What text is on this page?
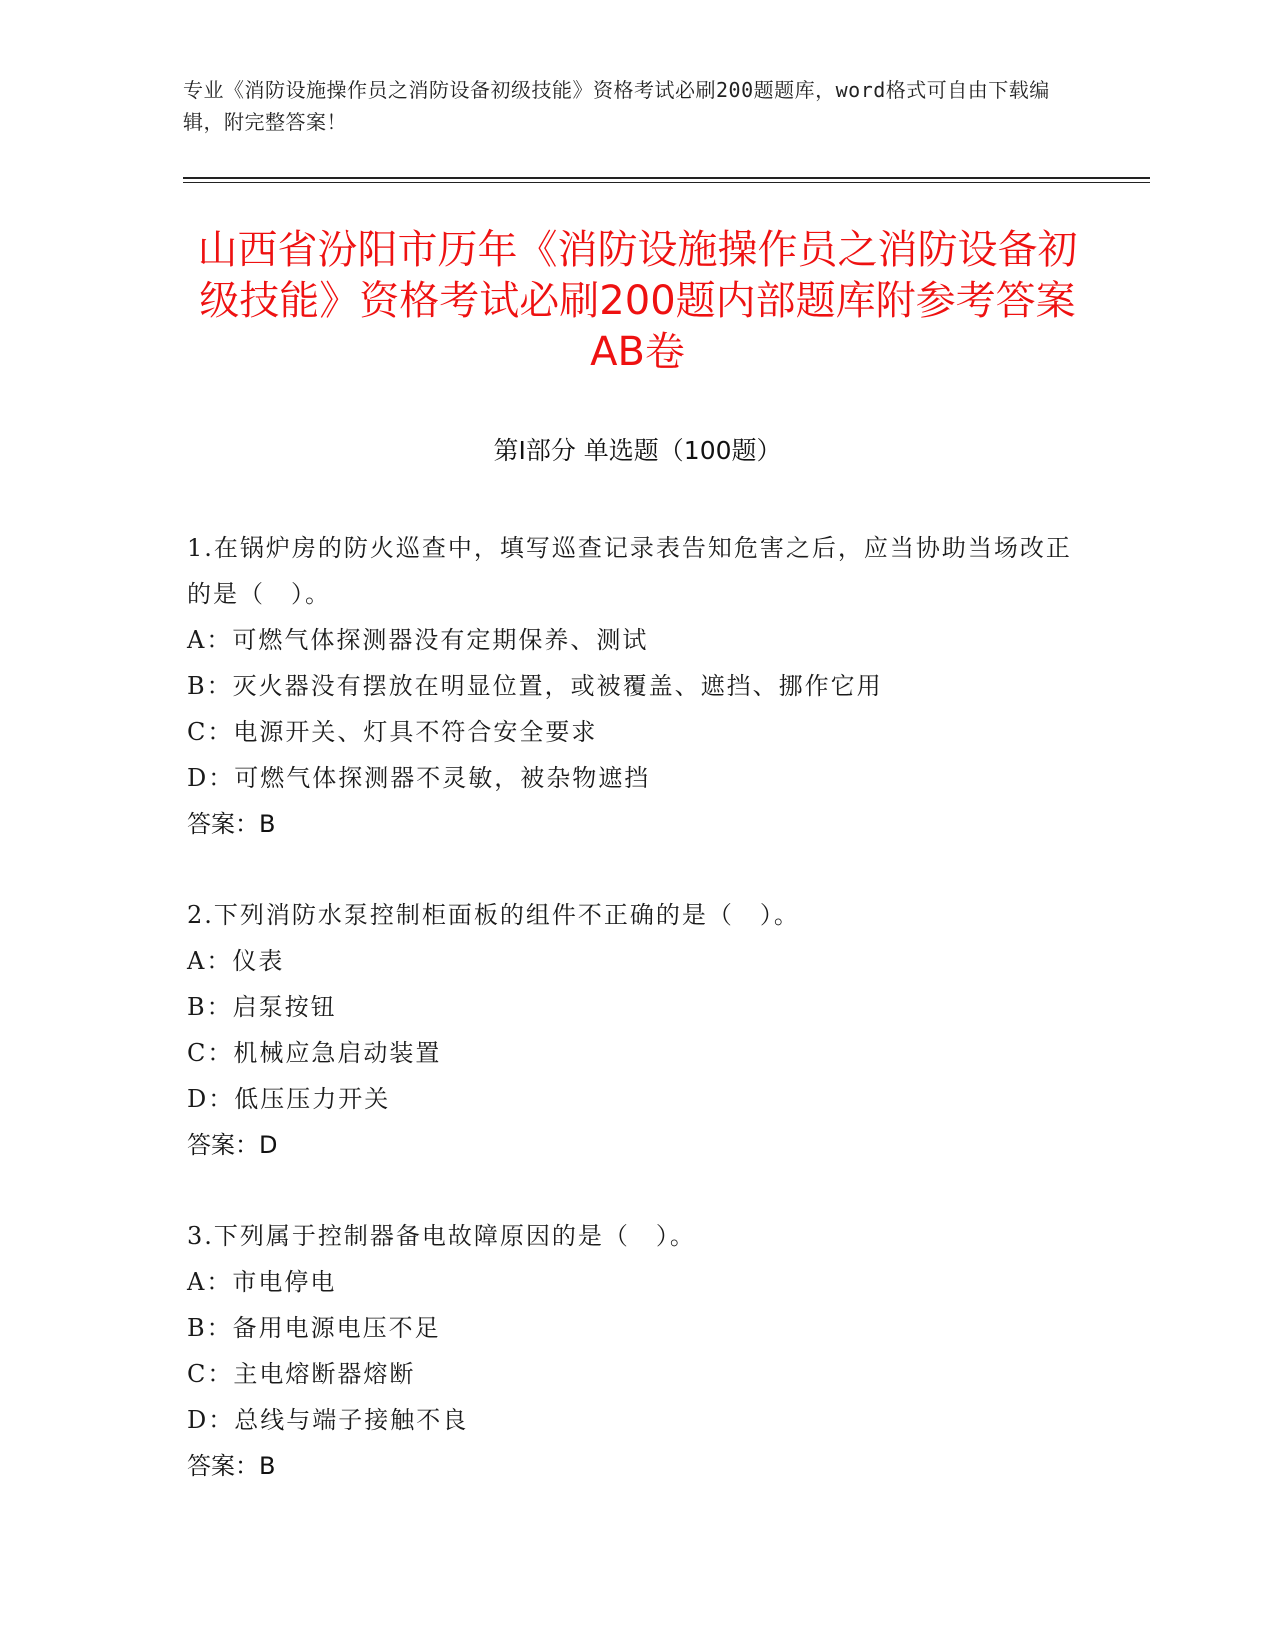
专业《消防设施操作员之消防设备初级技能》资格考试必刷200题题库，word格式可自由下载编辑，附完整答案！
山西省汾阳市历年《消防设施操作员之消防设备初级技能》资格考试必刷200题内部题库附参考答案AB卷
第Ⅰ部分 单选题（100题）
1.在锅炉房的防火巡查中，填写巡查记录表告知危害之后，应当协助当场改正的是（　）。
A：可燃气体探测器没有定期保养、测试
B：灭火器没有摆放在明显位置，或被覆盖、遮挡、挪作它用
C：电源开关、灯具不符合安全要求
D：可燃气体探测器不灵敏，被杂物遮挡
答案：B
2.下列消防水泵控制柜面板的组件不正确的是（　）。
A：仪表
B：启泵按钮
C：机械应急启动装置
D：低压压力开关
答案：D
3.下列属于控制器备电故障原因的是（　）。
A：市电停电
B：备用电源电压不足
C：主电熔断器熔断
D：总线与端子接触不良
答案：B
